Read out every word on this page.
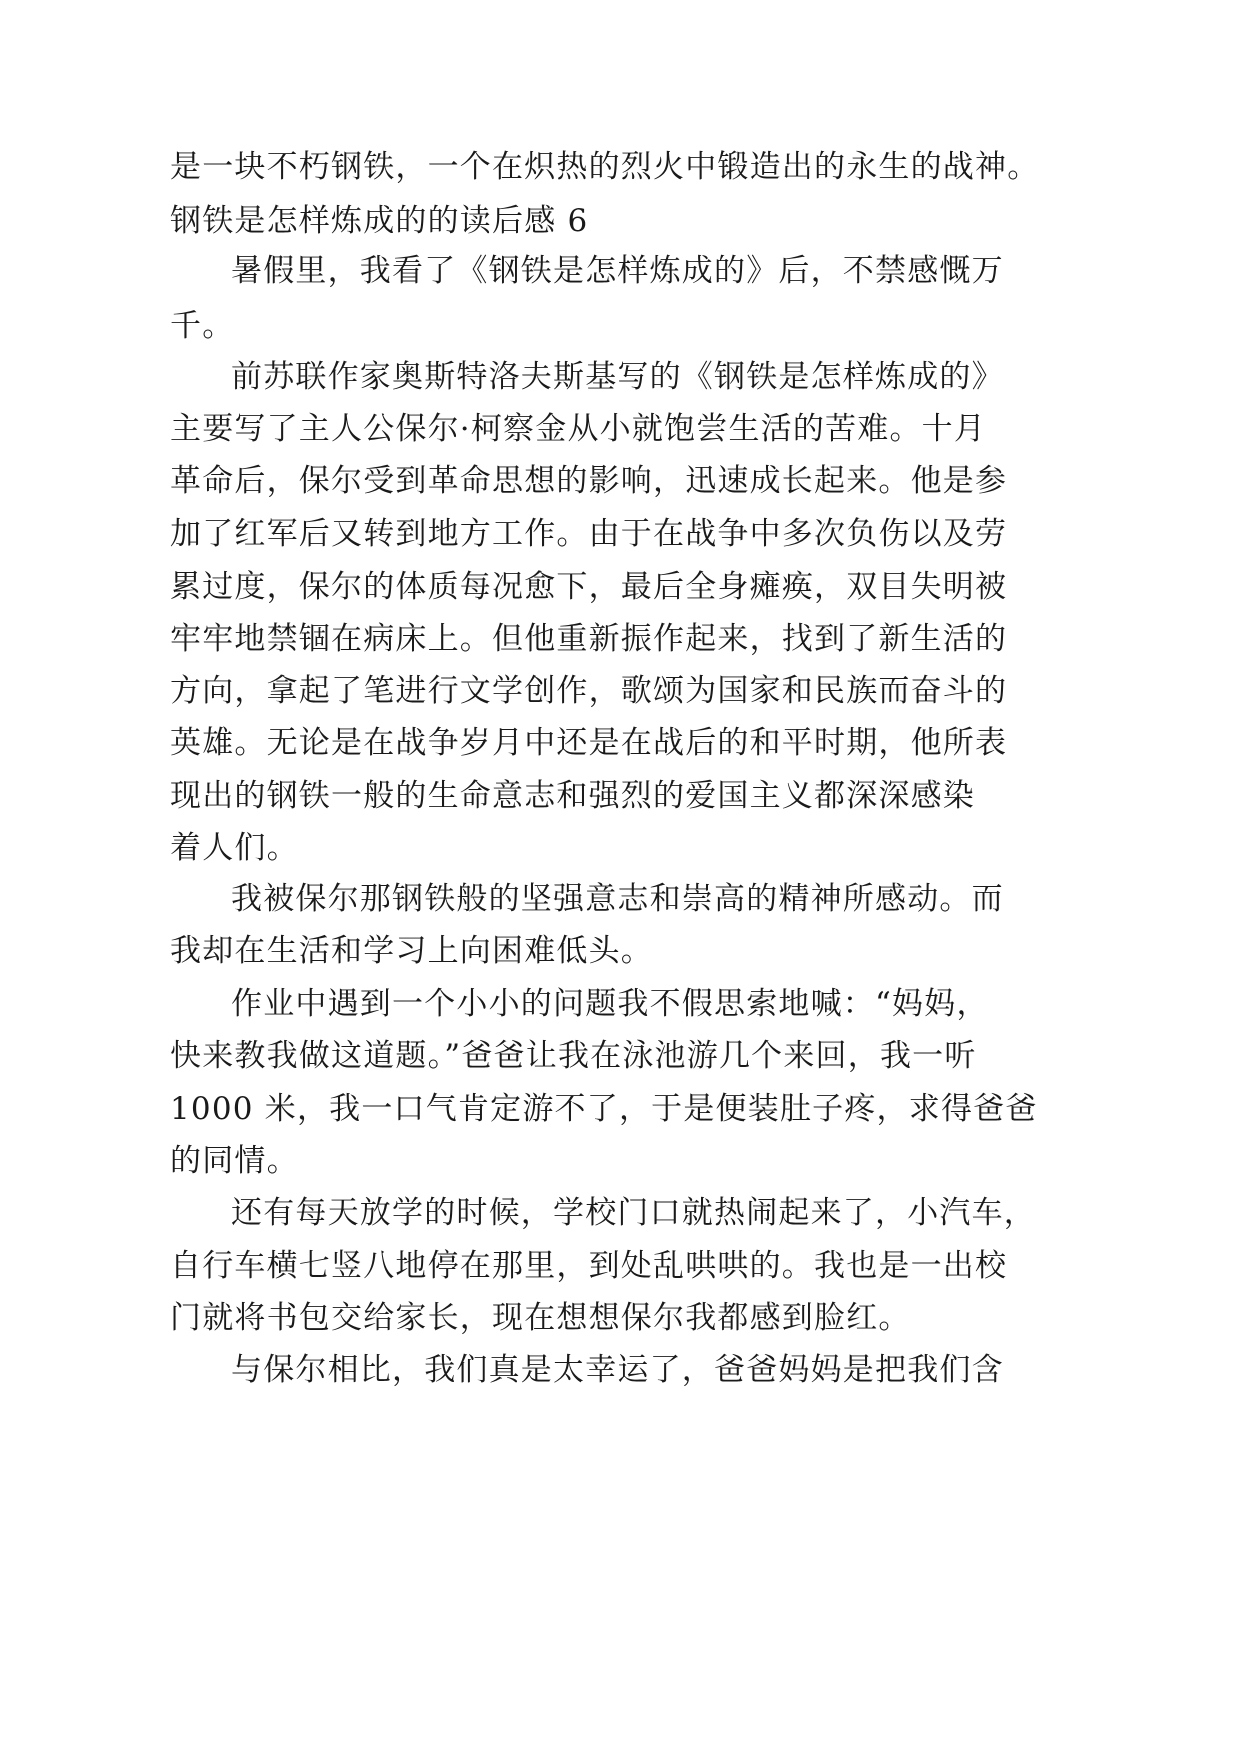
是一块不朽钢铁，一个在炽热的烈火中锻造出的永生的战神。
钢铁是怎样炼成的的读后感 6
暑假里，我看了《钢铁是怎样炼成的》后，不禁感慨万
千。
前苏联作家奥斯特洛夫斯基写的《钢铁是怎样炼成的》
主要写了主人公保尔·柯察金从小就饱尝生活的苦难。十月
革命后，保尔受到革命思想的影响，迅速成长起来。他是参
加了红军后又转到地方工作。由于在战争中多次负伤以及劳
累过度，保尔的体质每况愈下，最后全身瘫痪，双目失明被
牢牢地禁锢在病床上。但他重新振作起来，找到了新生活的
方向，拿起了笔进行文学创作，歌颂为国家和民族而奋斗的
英雄。无论是在战争岁月中还是在战后的和平时期，他所表
现出的钢铁一般的生命意志和强烈的爱国主义都深深感染
着人们。
我被保尔那钢铁般的坚强意志和崇高的精神所感动。而
我却在生活和学习上向困难低头。
作业中遇到一个小小的问题我不假思索地喊：“妈妈，
快来教我做这道题。”爸爸让我在泳池游几个来回，我一听
1000 米，我一口气肯定游不了，于是便装肚子疼，求得爸爸
的同情。
还有每天放学的时候，学校门口就热闹起来了，小汽车，
自行车横七竖八地停在那里，到处乱哄哄的。我也是一出校
门就将书包交给家长，现在想想保尔我都感到脸红。
与保尔相比，我们真是太幸运了，爸爸妈妈是把我们含
